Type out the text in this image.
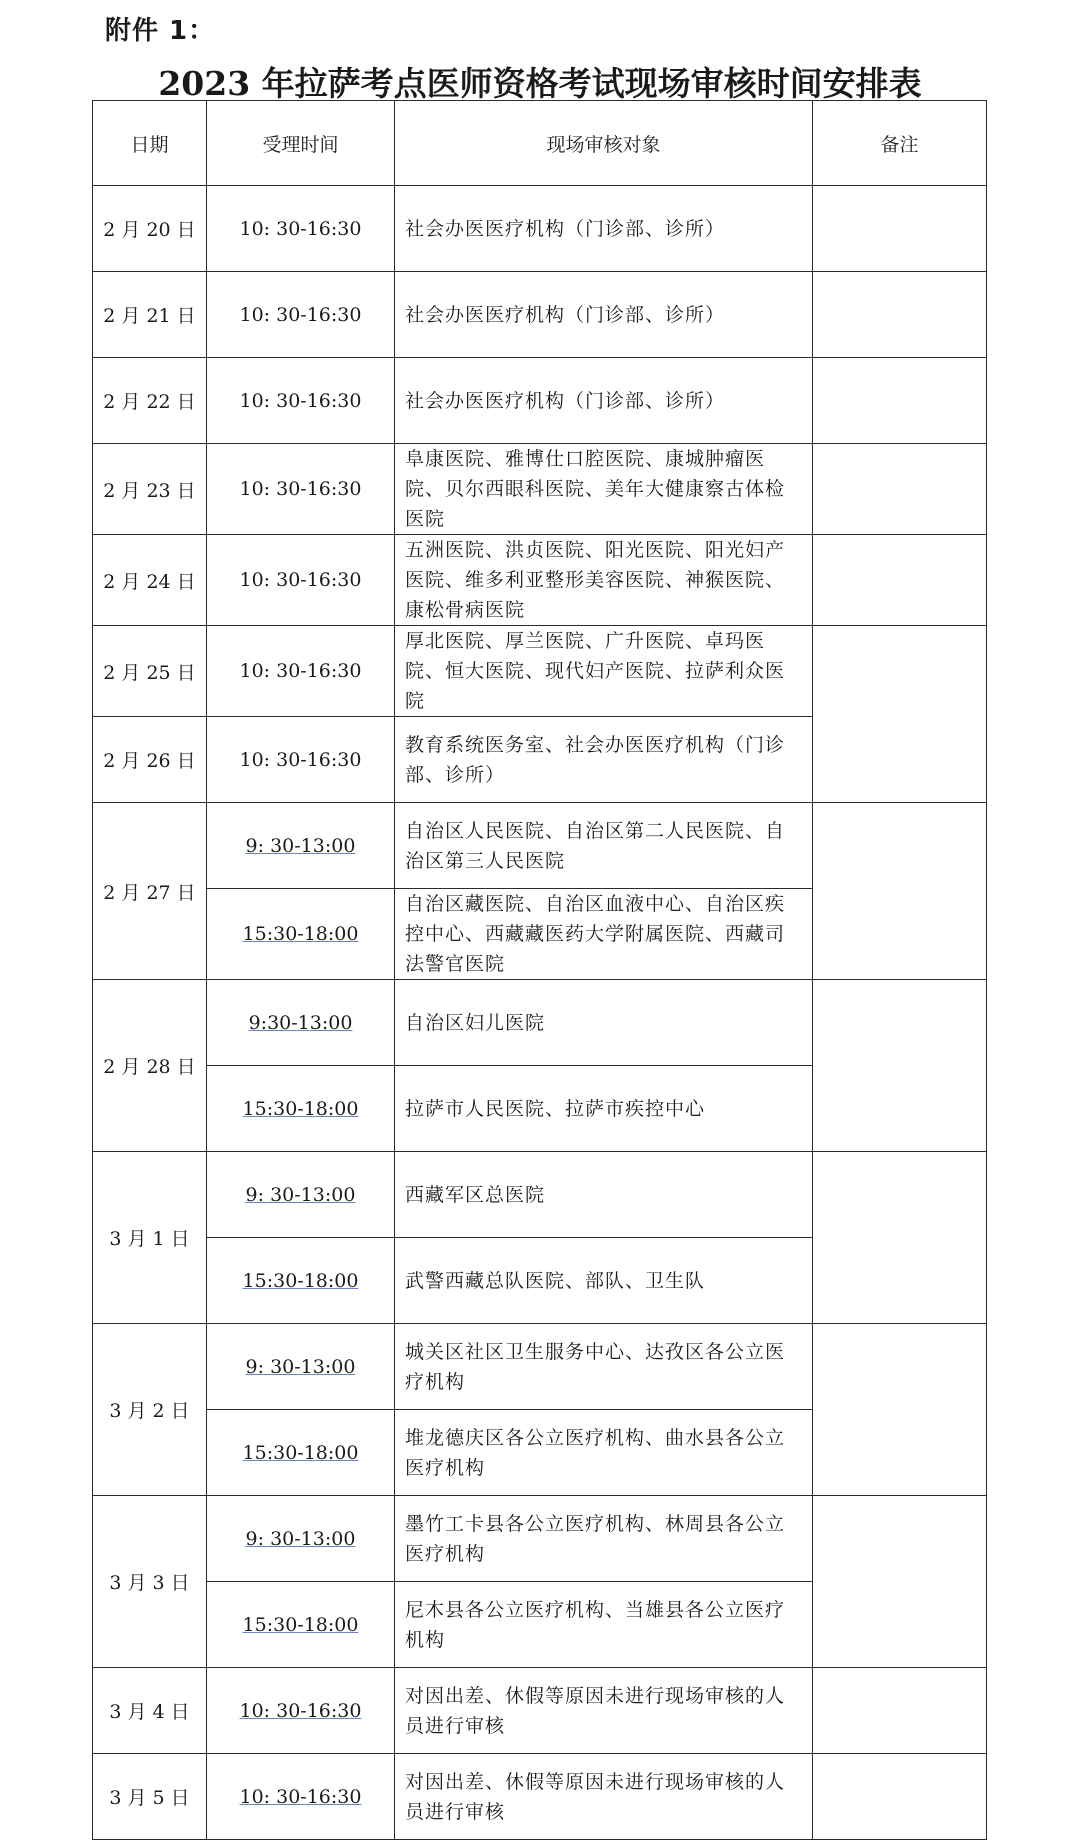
附件 1：
2023 年拉萨考点医师资格考试现场审核时间安排表
日期	受理时间	现场审核对象	备注
2 月 20 日	10: 30-16:30	社会办医医疗机构（门诊部、诊所）	
2 月 21 日	10: 30-16:30	社会办医医疗机构（门诊部、诊所）	
2 月 22 日	10: 30-16:30	社会办医医疗机构（门诊部、诊所）	
2 月 23 日	10: 30-16:30	阜康医院、雅博仕口腔医院、康城肿瘤医院、贝尔西眼科医院、美年大健康察古体检医院	
2 月 24 日	10: 30-16:30	五洲医院、洪贞医院、阳光医院、阳光妇产医院、维多利亚整形美容医院、神猴医院、康松骨病医院	
2 月 25 日	10: 30-16:30	厚北医院、厚兰医院、广升医院、卓玛医院、恒大医院、现代妇产医院、拉萨利众医院	
2 月 26 日	10: 30-16:30	教育系统医务室、社会办医医疗机构（门诊部、诊所）	
2 月 27 日	9: 30-13:00	自治区人民医院、自治区第二人民医院、自治区第三人民医院	
	15:30-18:00	自治区藏医院、自治区血液中心、自治区疾控中心、西藏藏医药大学附属医院、西藏司法警官医院	
2 月 28 日	9:30-13:00	自治区妇儿医院	
	15:30-18:00	拉萨市人民医院、拉萨市疾控中心	
3 月 1 日	9: 30-13:00	西藏军区总医院	
	15:30-18:00	武警西藏总队医院、部队、卫生队	
3 月 2 日	9: 30-13:00	城关区社区卫生服务中心、达孜区各公立医疗机构	
	15:30-18:00	堆龙德庆区各公立医疗机构、曲水县各公立医疗机构	
3 月 3 日	9: 30-13:00	墨竹工卡县各公立医疗机构、林周县各公立医疗机构	
	15:30-18:00	尼木县各公立医疗机构、当雄县各公立医疗机构	
3 月 4 日	10: 30-16:30	对因出差、休假等原因未进行现场审核的人员进行审核	
3 月 5 日	10: 30-16:30	对因出差、休假等原因未进行现场审核的人员进行审核	
